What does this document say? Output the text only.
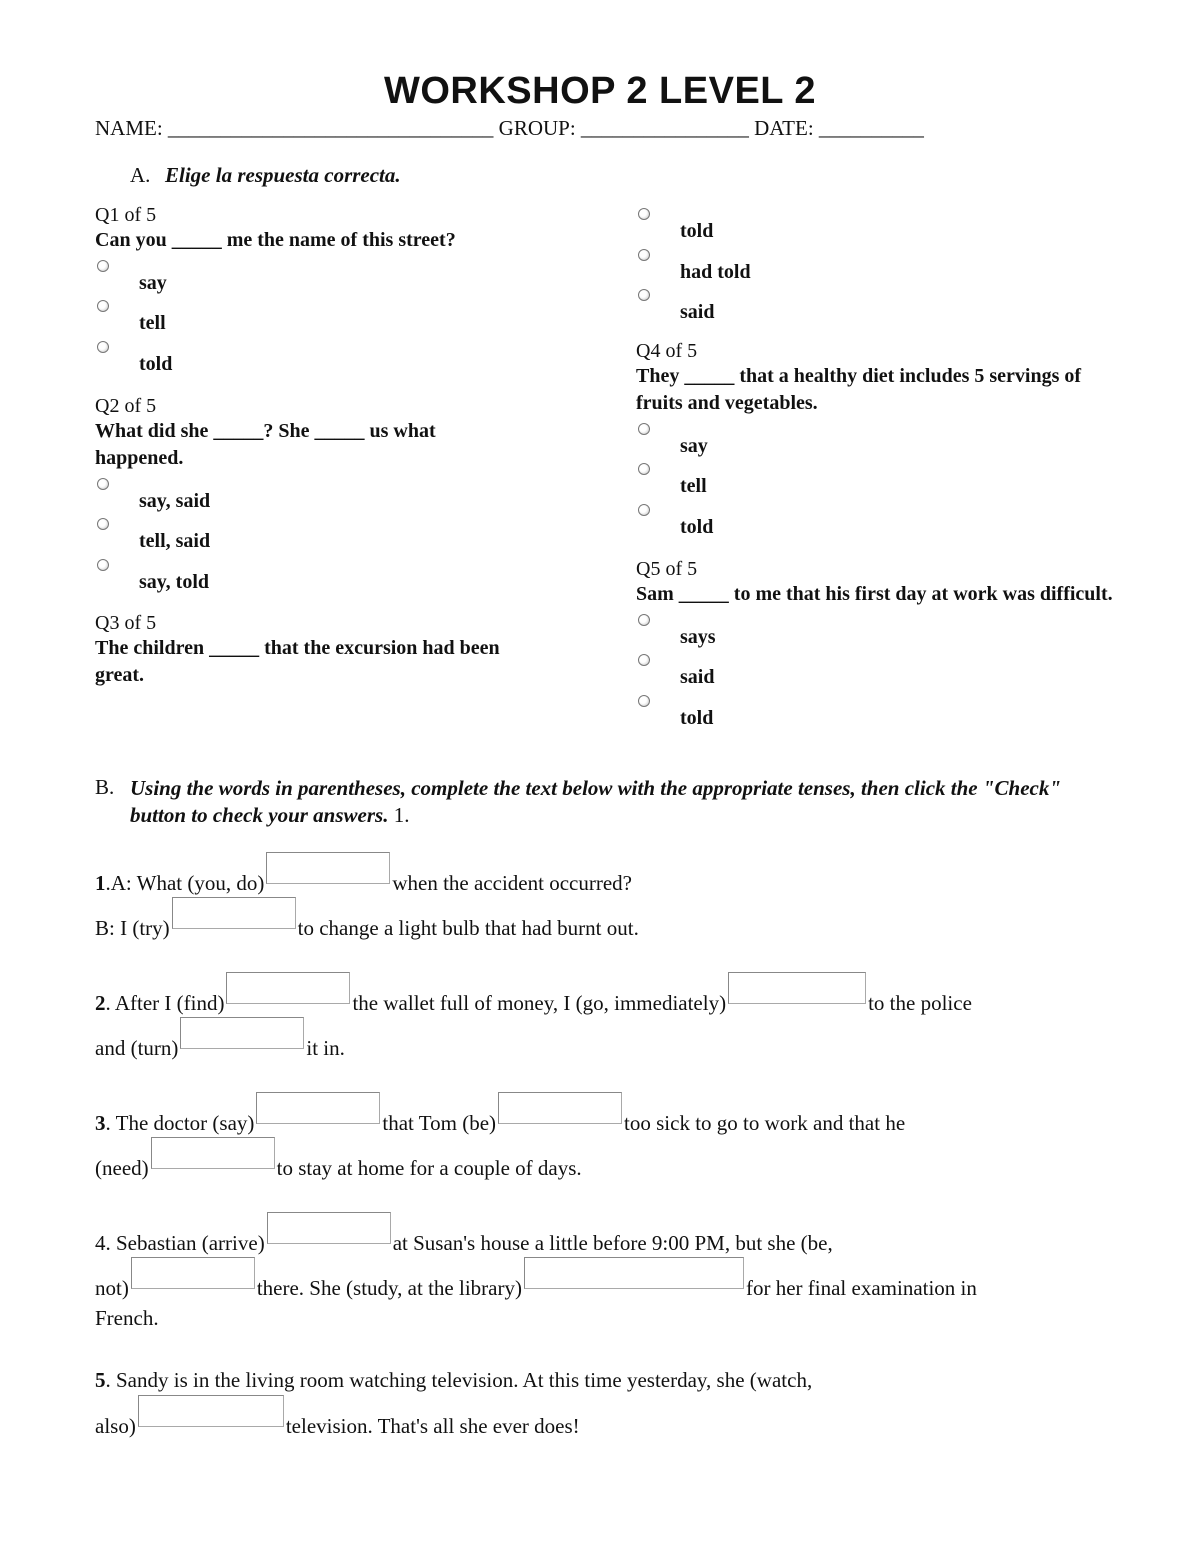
WORKSHOP 2 LEVEL 2
NAME: _______________________________ GROUP: ________________ DATE: __________
A. Elige la respuesta correcta.
Q1 of 5
Can you _____ me the name of this street?
say
tell
told
Q2 of 5
What did she _____? She _____ us what happened.
say, said
tell, said
say, told
Q3 of 5
The children _____ that the excursion had been great.
told
had told
said
Q4 of 5
They _____ that a healthy diet includes 5 servings of fruits and vegetables.
say
tell
told
Q5 of 5
Sam _____ to me that his first day at work was difficult.
says
said
told
B. Using the words in parentheses, complete the text below with the appropriate tenses, then click the "Check" button to check your answers. 1.
1.A: What (you, do)	when the accident occurred?
B: I (try)	to change a light bulb that had burnt out.
2. After I (find)	the wallet full of money, I (go, immediately)	to the police
and (turn)	it in.
3. The doctor (say)	that Tom (be)	too sick to go to work and that he
(need)	to stay at home for a couple of days.
4. Sebastian (arrive)	at Susan's house a little before 9:00 PM, but she (be,
not)	there. She (study, at the library)	for her final examination in
French.
5. Sandy is in the living room watching television. At this time yesterday, she (watch,
also)	television. That's all she ever does!
